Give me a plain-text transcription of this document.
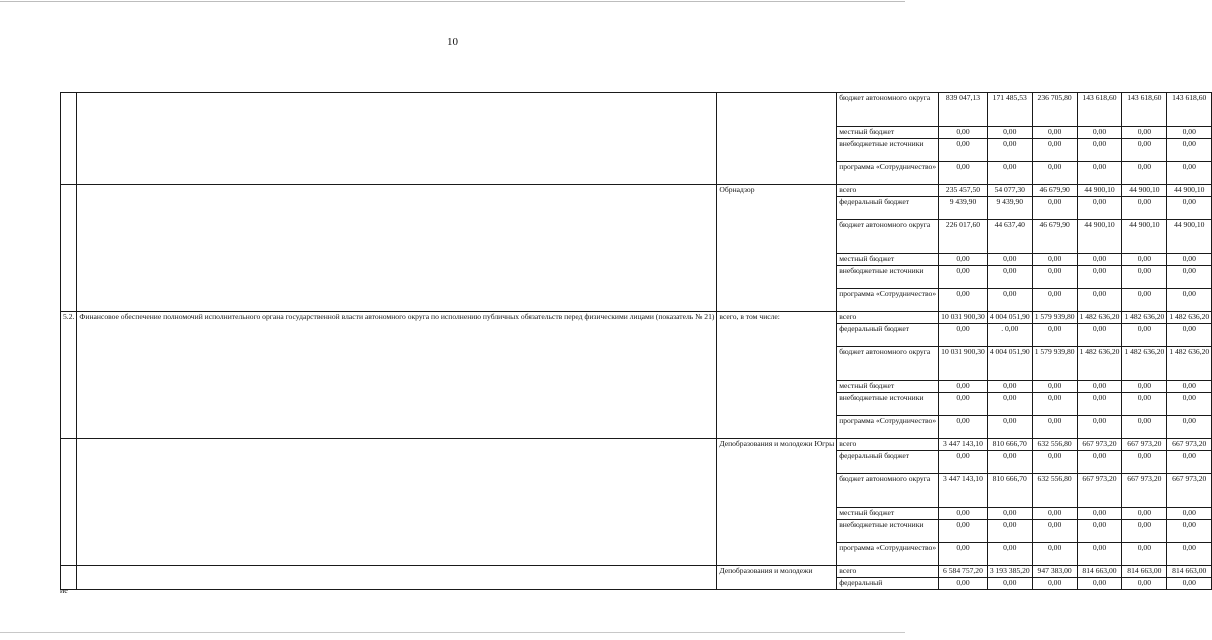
10
			бюджет автономного округа	839 047,13	171 485,53	236 705,80	143 618,60	143 618,60	143 618,60
			местный бюджет	0,00	0,00	0,00	0,00	0,00	0,00
			внебюджетные источники	0,00	0,00	0,00	0,00	0,00	0,00
			программа «Сотрудничество»	0,00	0,00	0,00	0,00	0,00	0,00
		Обрнадзор	всего	235 457,50	54 077,30	46 679,90	44 900,10	44 900,10	44 900,10
			федеральный бюджет	9 439,90	9 439,90	0,00	0,00	0,00	0,00
			бюджет автономного округа	226 017,60	44 637,40	46 679,90	44 900,10	44 900,10	44 900,10
			местный бюджет	0,00	0,00	0,00	0,00	0,00	0,00
			внебюджетные источники	0,00	0,00	0,00	0,00	0,00	0,00
			программа «Сотрудничество»	0,00	0,00	0,00	0,00	0,00	0,00
5.2.	Финансовое обеспечение полномочий исполнительного органа государственной власти автономного округа по исполнению публичных обязательств перед физическими лицами (показатель № 21)	всего, в том числе:	всего	10 031 900,30	4 004 051,90	1 579 939,80	1 482 636,20	1 482 636,20	1 482 636,20
			федеральный бюджет	0,00	. 0,00	0,00	0,00	0,00	0,00
			бюджет автономного округа	10 031 900,30	4 004 051,90	1 579 939,80	1 482 636,20	1 482 636,20	1 482 636,20
			местный бюджет	0,00	0,00	0,00	0,00	0,00	0,00
			внебюджетные источники	0,00	0,00	0,00	0,00	0,00	0,00
			программа «Сотрудничество»	0,00	0,00	0,00	0,00	0,00	0,00
		Депобразования и молодежи Югры	всего	3 447 143,10	810 666,70	632 556,80	667 973,20	667 973,20	667 973,20
			федеральный бюджет	0,00	0,00	0,00	0,00	0,00	0,00
			бюджет автономного округа	3 447 143,10	810 666,70	632 556,80	667 973,20	667 973,20	667 973,20
			местный бюджет	0,00	0,00	0,00	0,00	0,00	0,00
			внебюджетные источники	0,00	0,00	0,00	0,00	0,00	0,00
			программа «Сотрудничество»	0,00	0,00	0,00	0,00	0,00	0,00
		Депобразования и молодежи	всего	6 584 757,20	3 193 385,20	947 383,00	814 663,00	814 663,00	814 663,00
			федеральный	0,00	0,00	0,00	0,00	0,00	0,00
ие
